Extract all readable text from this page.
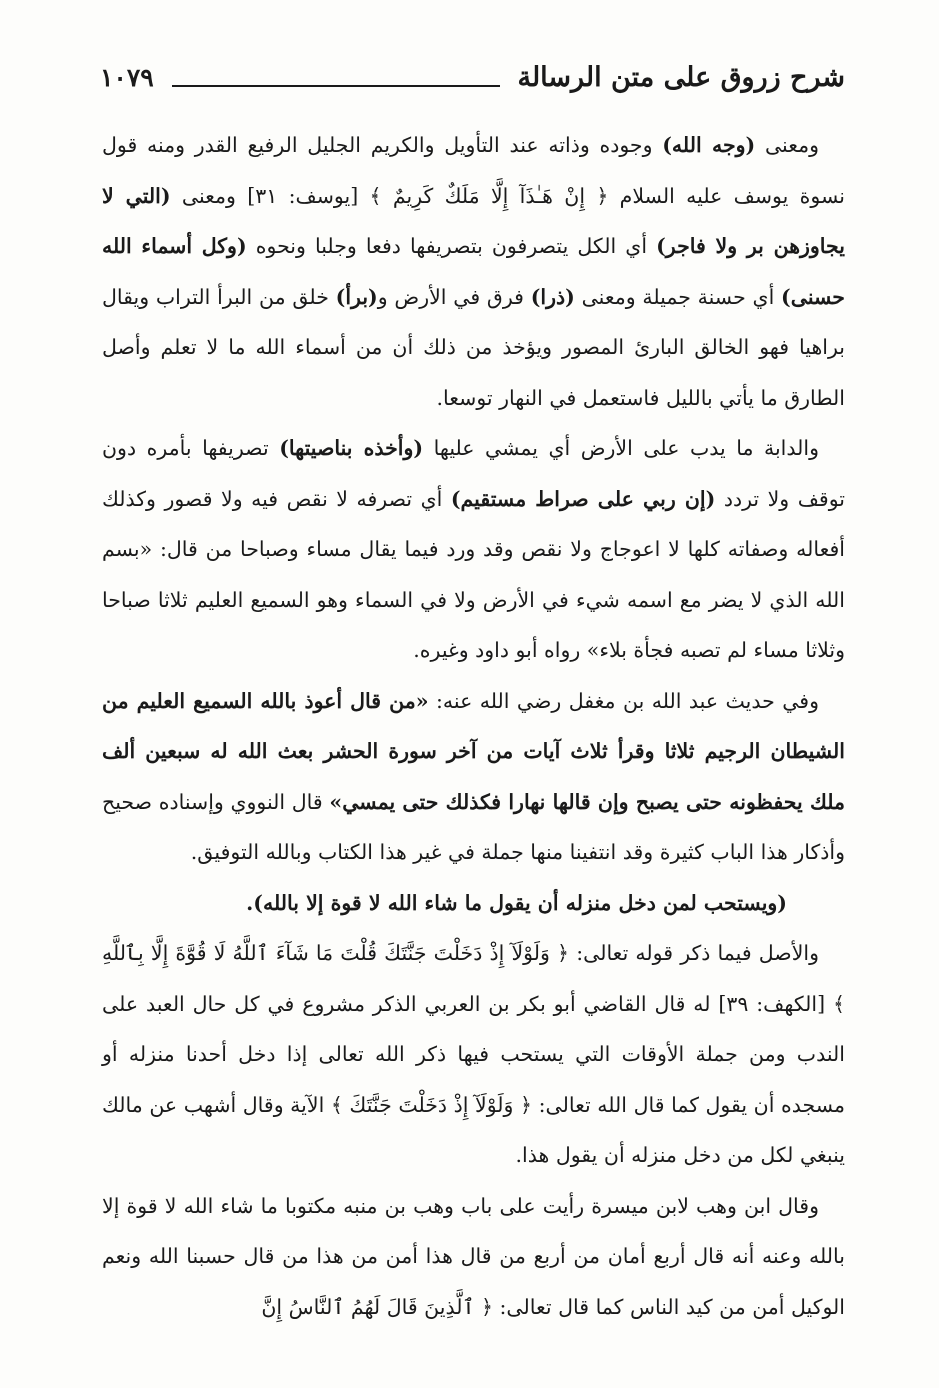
شرح زروق على متن الرسالة
١٠٧٩

ومعنى (وجه الله) وجوده وذاته عند التأويل والكريم الجليل الرفيع القدر ومنه قول نسوة يوسف عليه السلام ﴿ إِنْ هَـٰذَآ إِلَّا مَلَكٌ كَرِيمٌ ﴾ [يوسف: ٣١] ومعنى (التي لا يجاوزهن بر ولا فاجر) أي الكل يتصرفون بتصريفها دفعا وجلبا ونحوه (وكل أسماء الله حسنى) أي حسنة جميلة ومعنى (ذرا) فرق في الأرض و(برأ) خلق من البرأ التراب ويقال براهيا فهو الخالق البارئ المصور ويؤخذ من ذلك أن من أسماء الله ما لا تعلم وأصل الطارق ما يأتي بالليل فاستعمل في النهار توسعا.

والدابة ما يدب على الأرض أي يمشي عليها (وأخذه بناصيتها) تصريفها بأمره دون توقف ولا تردد (إن ربي على صراط مستقيم) أي تصرفه لا نقص فيه ولا قصور وكذلك أفعاله وصفاته كلها لا اعوجاج ولا نقص وقد ورد فيما يقال مساء وصباحا من قال: «بسم الله الذي لا يضر مع اسمه شيء في الأرض ولا في السماء وهو السميع العليم ثلاثا صباحا وثلاثا مساء لم تصبه فجأة بلاء» رواه أبو داود وغيره.

وفي حديث عبد الله بن مغفل رضي الله عنه: «من قال أعوذ بالله السميع العليم من الشيطان الرجيم ثلاثا وقرأ ثلاث آيات من آخر سورة الحشر بعث الله له سبعين ألف ملك يحفظونه حتى يصبح وإن قالها نهارا فكذلك حتى يمسي» قال النووي وإسناده صحيح وأذكار هذا الباب كثيرة وقد انتفينا منها جملة في غير هذا الكتاب وبالله التوفيق.

(ويستحب لمن دخل منزله أن يقول ما شاء الله لا قوة إلا بالله).

والأصل فيما ذكر قوله تعالى: ﴿ وَلَوْلَآ إِذْ دَخَلْتَ جَنَّتَكَ قُلْتَ مَا شَآءَ ٱللَّهُ لَا قُوَّةَ إِلَّا بِٱللَّهِ ﴾ [الكهف: ٣٩] له قال القاضي أبو بكر بن العربي الذكر مشروع في كل حال العبد على الندب ومن جملة الأوقات التي يستحب فيها ذكر الله تعالى إذا دخل أحدنا منزله أو مسجده أن يقول كما قال الله تعالى: ﴿ وَلَوْلَآ إِذْ دَخَلْتَ جَنَّتَكَ ﴾ الآية وقال أشهب عن مالك ينبغي لكل من دخل منزله أن يقول هذا.

وقال ابن وهب لابن ميسرة رأيت على باب وهب بن منبه مكتوبا ما شاء الله لا قوة إلا بالله وعنه أنه قال أربع أمان من أربع من قال هذا أمن من هذا من قال حسبنا الله ونعم الوكيل أمن من كيد الناس كما قال تعالى: ﴿ ٱلَّذِينَ قَالَ لَهُمُ ٱلنَّاسُ إِنَّ
